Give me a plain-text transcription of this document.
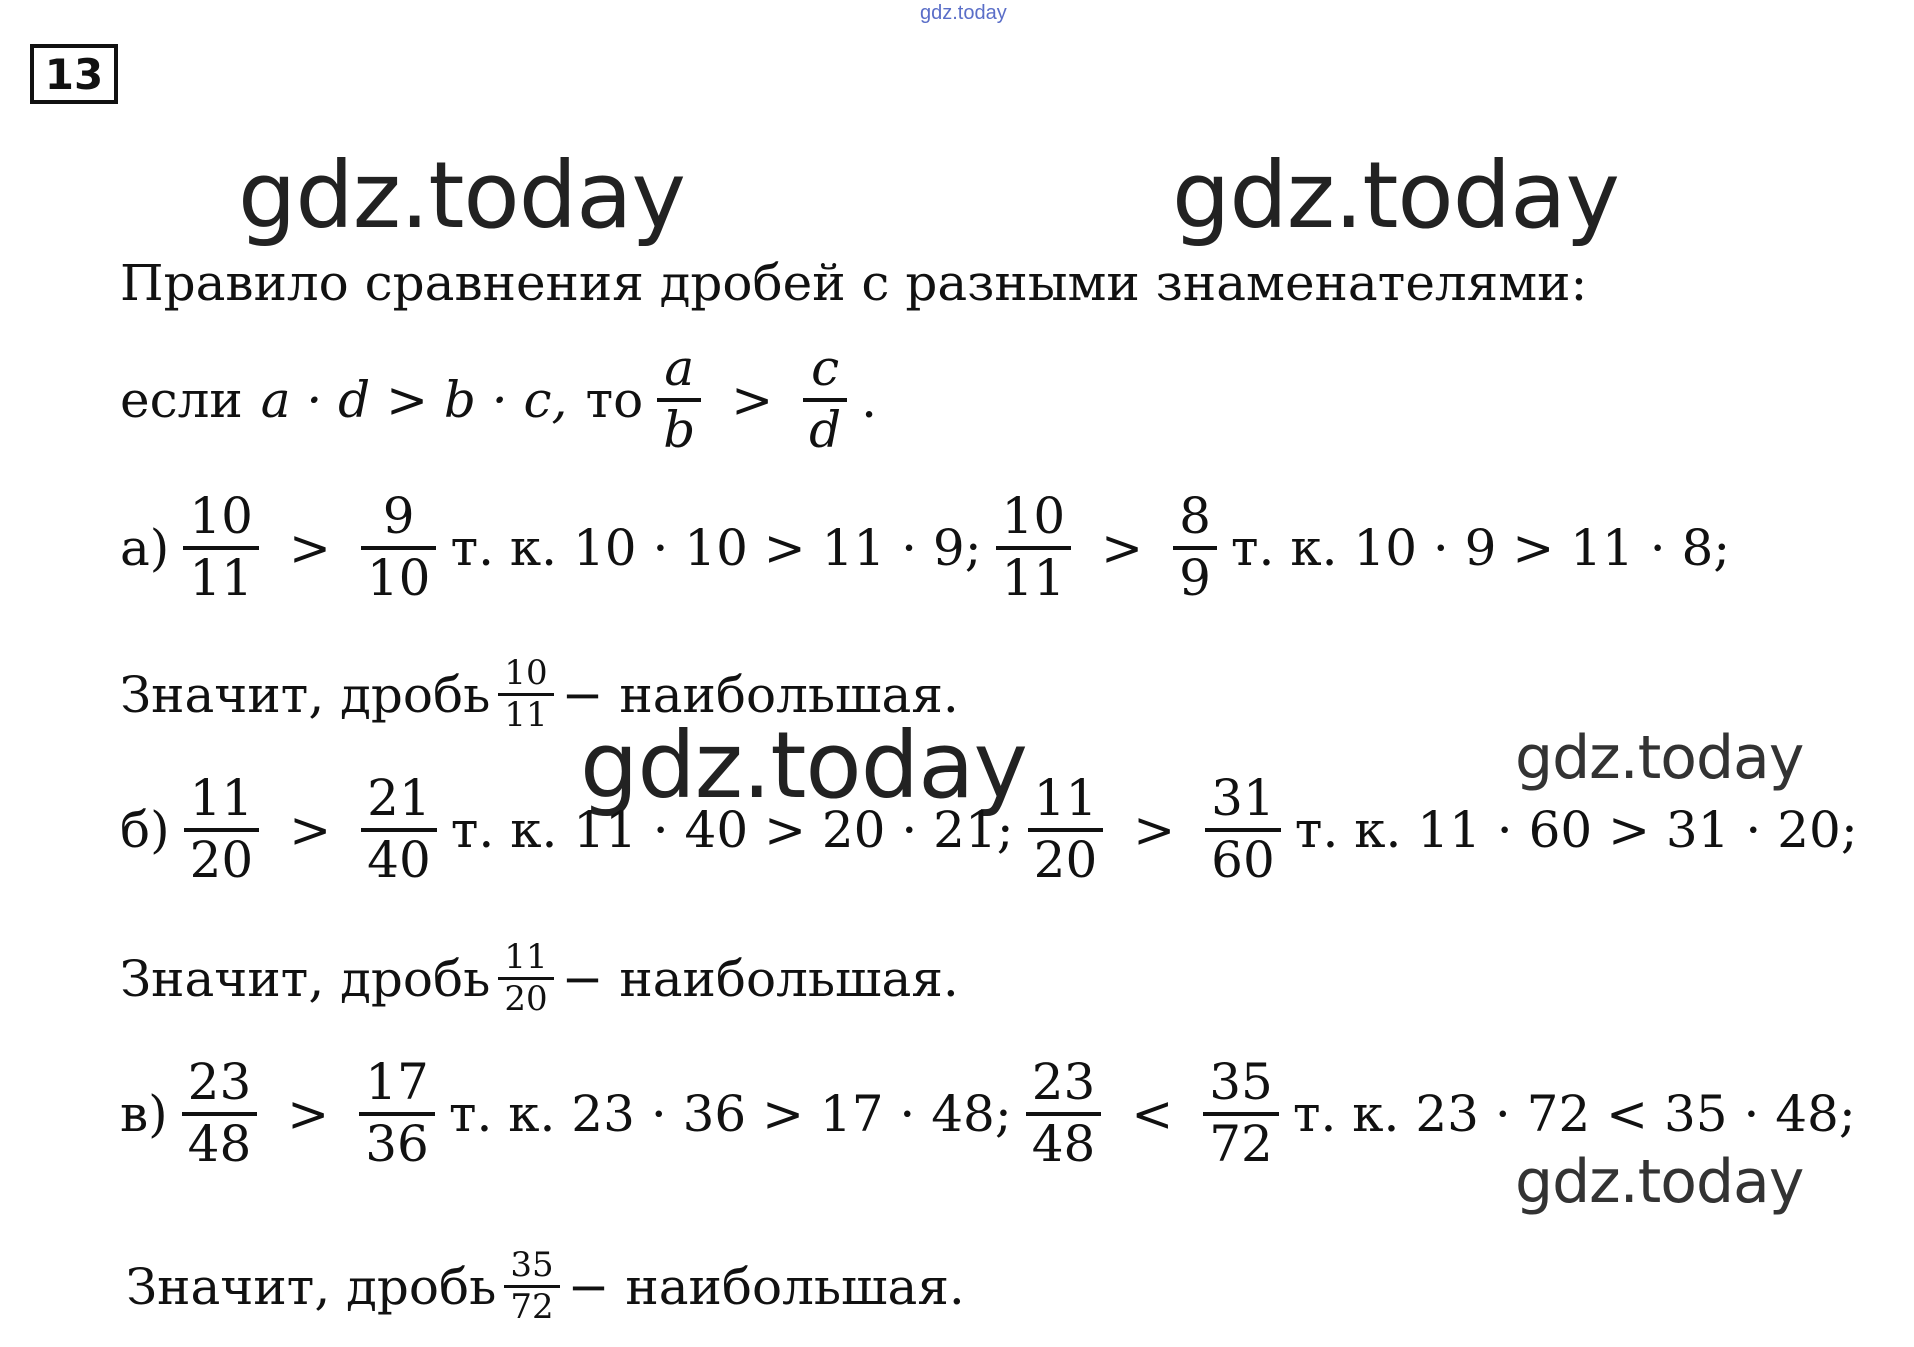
gdz.today
13
gdz.today	gdz.today
gdz.today	gdz.today
gdz.today
Правило сравнения дробей с разными знаменателями:
если a · d > b · c, то $\frac{a}{b} > \frac{c}{d}$ .
$а) \frac{10}{11} > \frac{9}{10} т$. к. 10 · 10 > 11 · 9; $\frac{10}{11} > \frac{8}{9} т$. к. 10 · 9 > 11 · 8;
Значит, дробь $\frac{10}{11}$ − наибольшая.
$б) \frac{11}{20} > \frac{21}{40} т$. к. 11 · 40 > 20 · 21; $\frac{11}{20} > \frac{31}{60} т$. к. 11 · 60 > 31 · 20;
Значит, дробь $\frac{11}{20}$ − наибольшая.
$в) \frac{23}{48} > \frac{17}{36} т$. к. 23 · 36 > 17 · 48; $\frac{23}{48} < \frac{35}{72} т$. к. 23 · 72 < 35 · 48;
Значит, дробь $\frac{35}{72}$ − наибольшая.
